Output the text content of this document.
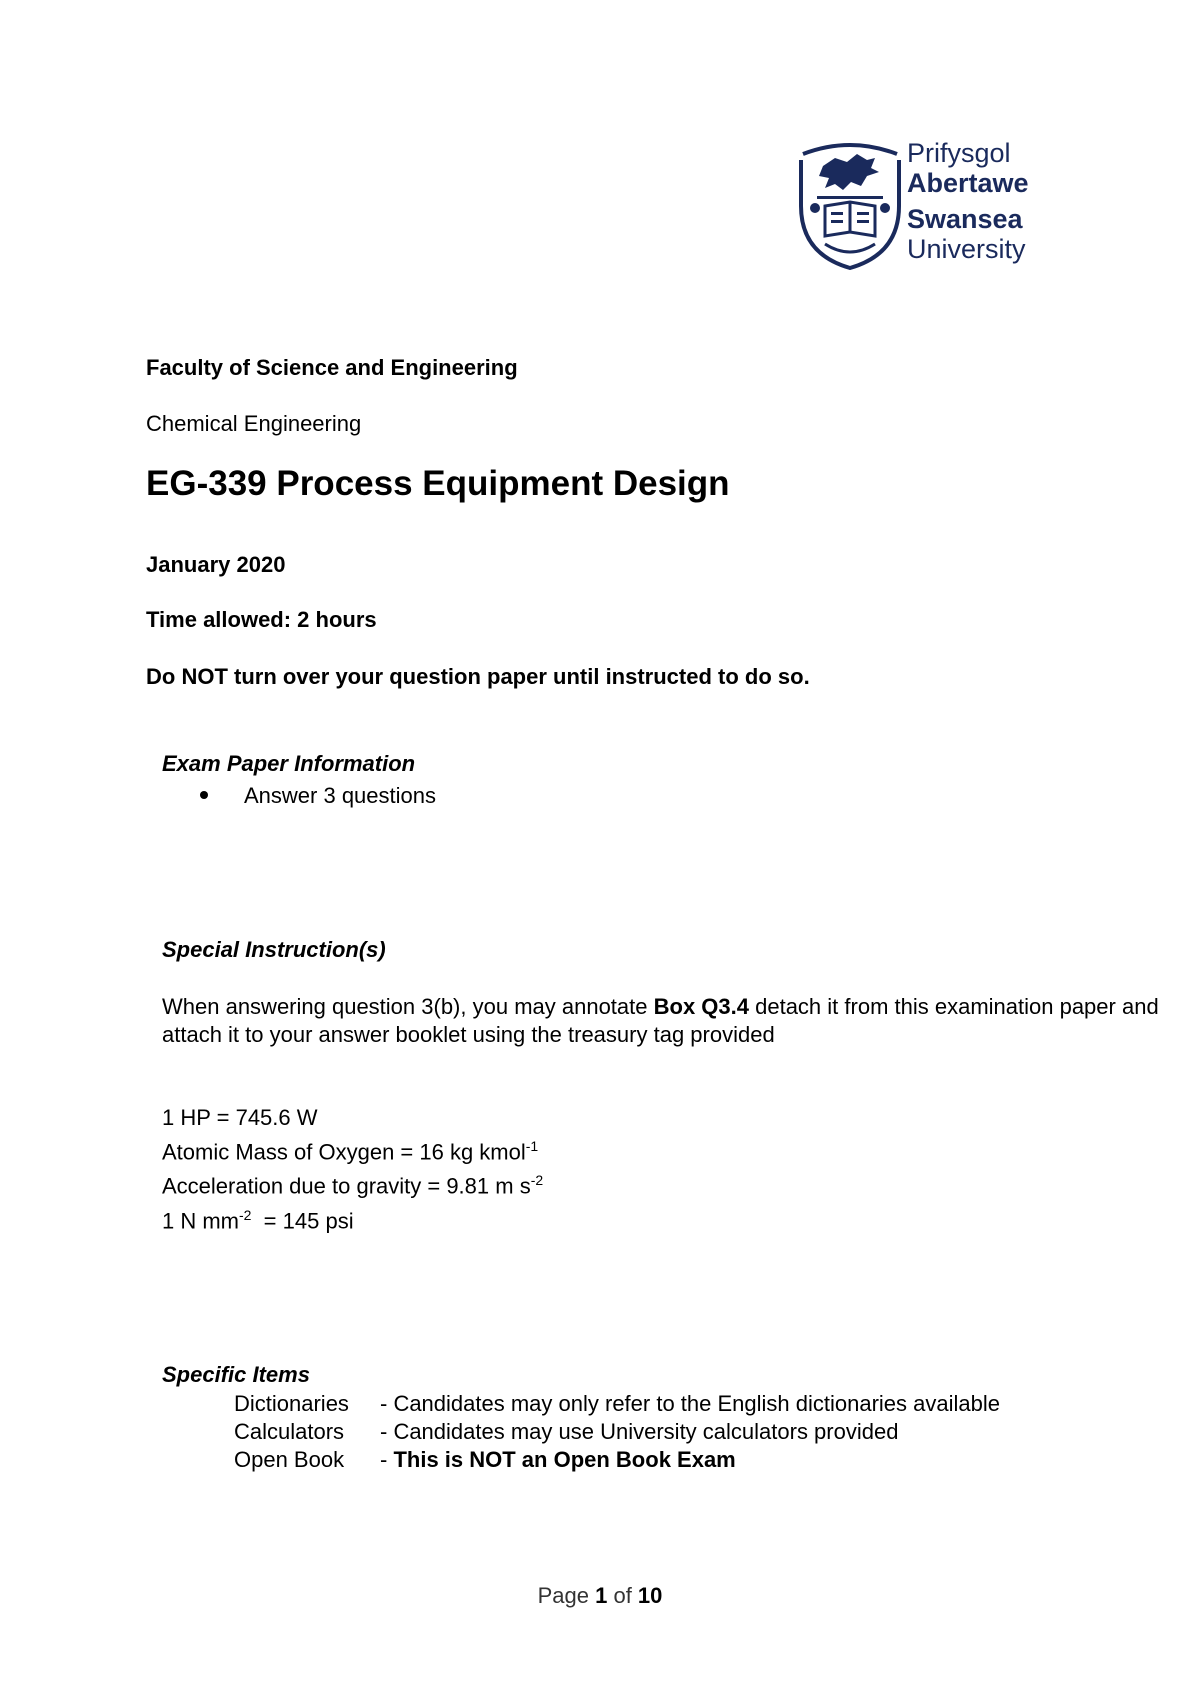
Prifysgol
Abertawe
Swansea
University
Faculty of Science and Engineering
Chemical Engineering
EG-339 Process Equipment Design
January 2020
Time allowed: 2 hours
Do NOT turn over your question paper until instructed to do so.
Exam Paper Information
Answer 3 questions
Special Instruction(s)
When answering question 3(b), you may annotate Box Q3.4 detach it from this examination paper and attach it to your answer booklet using the treasury tag provided
1 HP = 745.6 W
Atomic Mass of Oxygen = 16 kg kmol$^{-1}$
Acceleration due to gravity = 9.81 m $s^{-2}$
1 N $mm^{-2} = 145$ psi
Specific Items
Dictionaries - Candidates may only refer to the English dictionaries available
Calculators - Candidates may use University calculators provided
Open Book - This is NOT an Open Book Exam
Page 1 of 10
